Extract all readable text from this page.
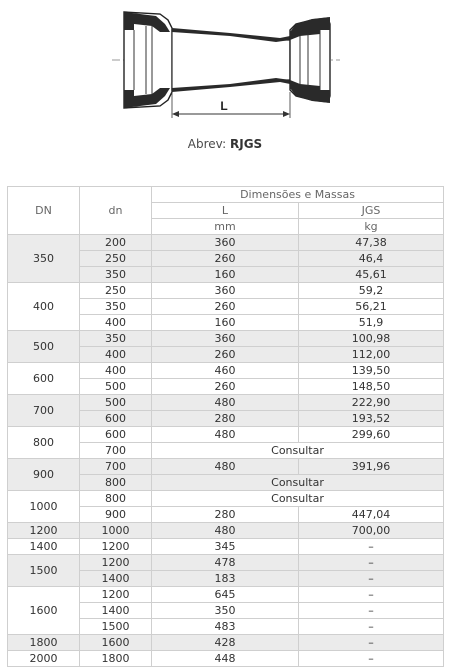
L
Abrev: RJGS
DN	dn	Dimensões e Massas	
		L	JGS
		mm	kg
350	200	360	47,38
	250	260	46,4
	350	160	45,61
400	250	360	59,2
	350	260	56,21
	400	160	51,9
500	350	360	100,98
	400	260	112,00
600	400	460	139,50
	500	260	148,50
700	500	480	222,90
	600	280	193,52
800	600	480	299,60
	700	Consultar	
900	700	480	391,96
	800	Consultar	
1000	800	Consultar	
	900	280	447,04
1200	1000	480	700,00
1400	1200	345	–
1500	1200	478	–
	1400	183	–
1600	1200	645	–
	1400	350	–
	1500	483	–
1800	1600	428	–
2000	1800	448	–
